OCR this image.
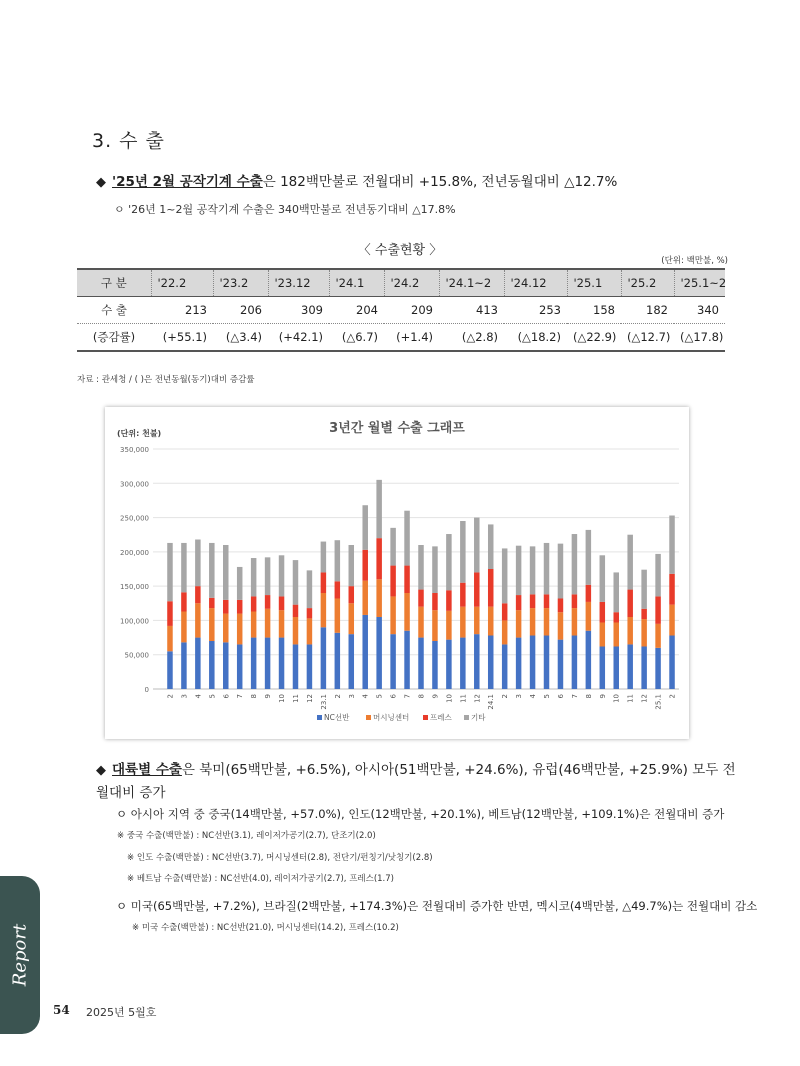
3. 수 출
◆ '25년 2월 공작기계 수출은 182백만불로 전월대비 +15.8%, 전년동월대비 △12.7%
ㅇ '26년 1~2월 공작기계 수출은 340백만불로 전년동기대비 △17.8%
〈 수출현황 〉
(단위: 백만불, %)
구 분	'22.2	'23.2	'23.12	'24.1	'24.2	'24.1~2	'24.12	'25.1	'25.2	'25.1~2
수 출	213	206	309	204	209	413	253	158	182	340
(증감률)	(+55.1)	(△3.4)	(+42.1)	(△6.7)	(+1.4)	(△2.8)	(△18.2)	(△22.9)	(△12.7)	(△17.8)
자료 : 관세청 / ( )은 전년동월(동기)대비 증감률
3년간 월별 수출 그래프
(단위: 천불)
350,000
300,000
250,000
200,000
150,000
100,000
50,000
0
2 3 4 5 6 7 8 9 10 11 12 23.1 2 3 4 5 6 7 8 9 10 11 12 24.1 2 3 4 5 6 7 8 9 10 11 12 25.1 2
NC선반	머시닝센터	프레스	기타
◆ 대륙별 수출은 북미(65백만불, +6.5%), 아시아(51백만불, +24.6%), 유럽(46백만불, +25.9%) 모두 전월대비 증가
ㅇ 아시아 지역 중 중국(14백만불, +57.0%), 인도(12백만불, +20.1%), 베트남(12백만불, +109.1%)은 전월대비 증가
※ 중국 수출(백만불) : NC선반(3.1), 레이저가공기(2.7), 단조기(2.0)
※ 인도 수출(백만불) : NC선반(3.7), 머시닝센터(2.8), 전단기/펀칭기/낫칭기(2.8)
※ 베트남 수출(백만불) : NC선반(4.0), 레이저가공기(2.7), 프레스(1.7)
ㅇ 미국(65백만불, +7.2%), 브라질(2백만불, +174.3%)은 전월대비 증가한 반면, 멕시코(4백만불, △49.7%)는 전월대비 감소
※ 미국 수출(백만불) : NC선반(21.0), 머시닝센터(14.2), 프레스(10.2)
Report
54 2025년 5월호
